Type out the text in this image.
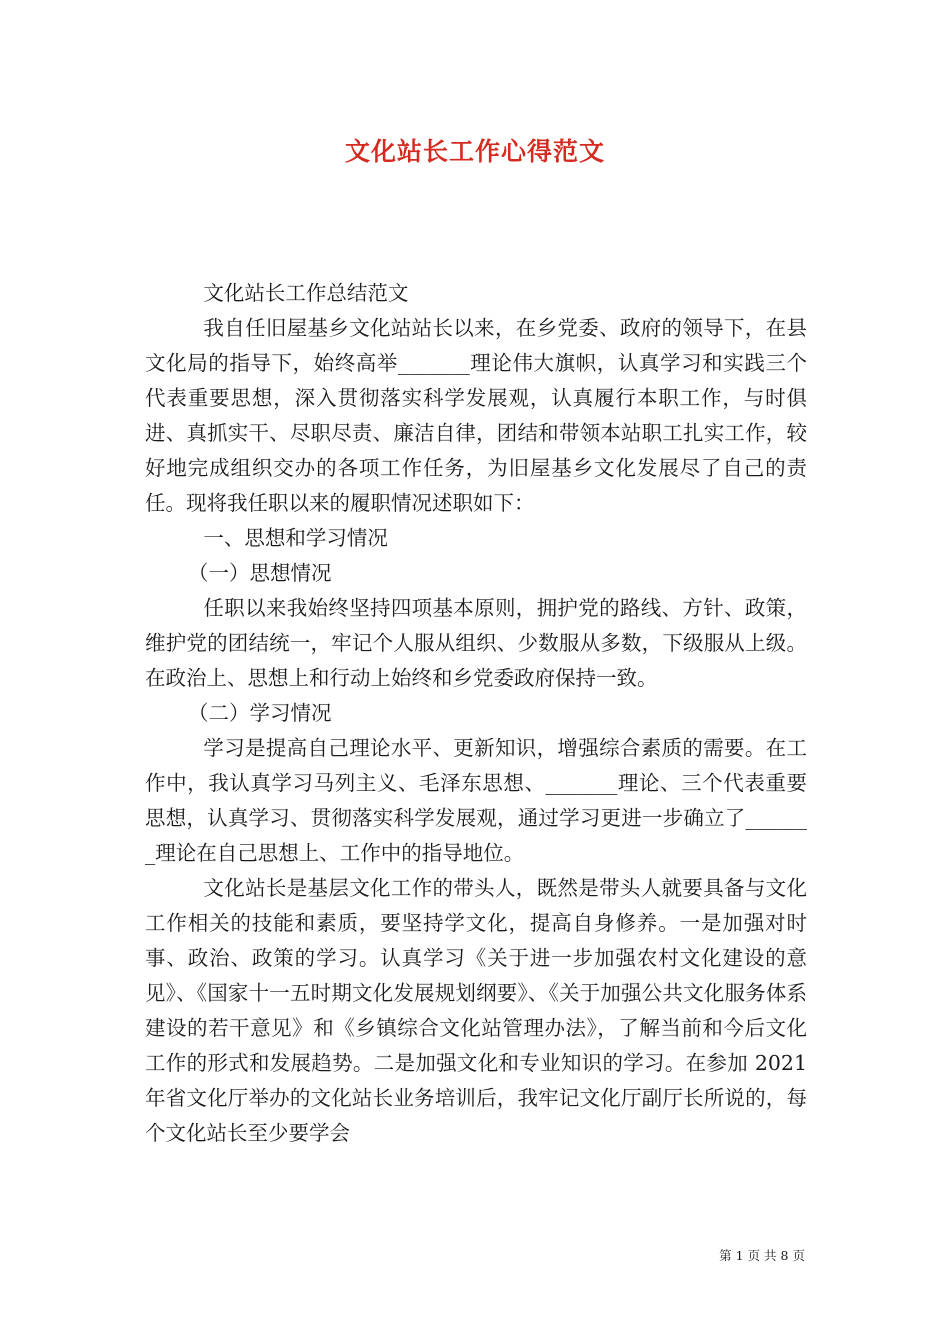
文化站长工作心得范文

文化站长工作总结范文

我自任旧屋基乡文化站站长以来，在乡党委、政府的领导下，在县文化局的指导下，始终高举_______理论伟大旗帜，认真学习和实践三个代表重要思想，深入贯彻落实科学发展观，认真履行本职工作，与时俱进、真抓实干、尽职尽责、廉洁自律，团结和带领本站职工扎实工作，较好地完成组织交办的各项工作任务，为旧屋基乡文化发展尽了自己的责任。现将我任职以来的履职情况述职如下：

一、思想和学习情况

（一）思想情况

任职以来我始终坚持四项基本原则，拥护党的路线、方针、政策，维护党的团结统一，牢记个人服从组织、少数服从多数，下级服从上级。在政治上、思想上和行动上始终和乡党委政府保持一致。

（二）学习情况

学习是提高自己理论水平、更新知识，增强综合素质的需要。在工作中，我认真学习马列主义、毛泽东思想、_______理论、三个代表重要思想，认真学习、贯彻落实科学发展观，通过学习更进一步确立了_______理论在自己思想上、工作中的指导地位。

文化站长是基层文化工作的带头人，既然是带头人就要具备与文化工作相关的技能和素质，要坚持学文化，提高自身修养。一是加强对时事、政治、政策的学习。认真学习《关于进一步加强农村文化建设的意见》、《国家十一五时期文化发展规划纲要》、《关于加强公共文化服务体系建设的若干意见》和《乡镇综合文化站管理办法》，了解当前和今后文化工作的形式和发展趋势。二是加强文化和专业知识的学习。在参加 2021 年省文化厅举办的文化站长业务培训后，我牢记文化厅副厅长所说的，每个文化站长至少要学会

第 1 页 共 8 页
